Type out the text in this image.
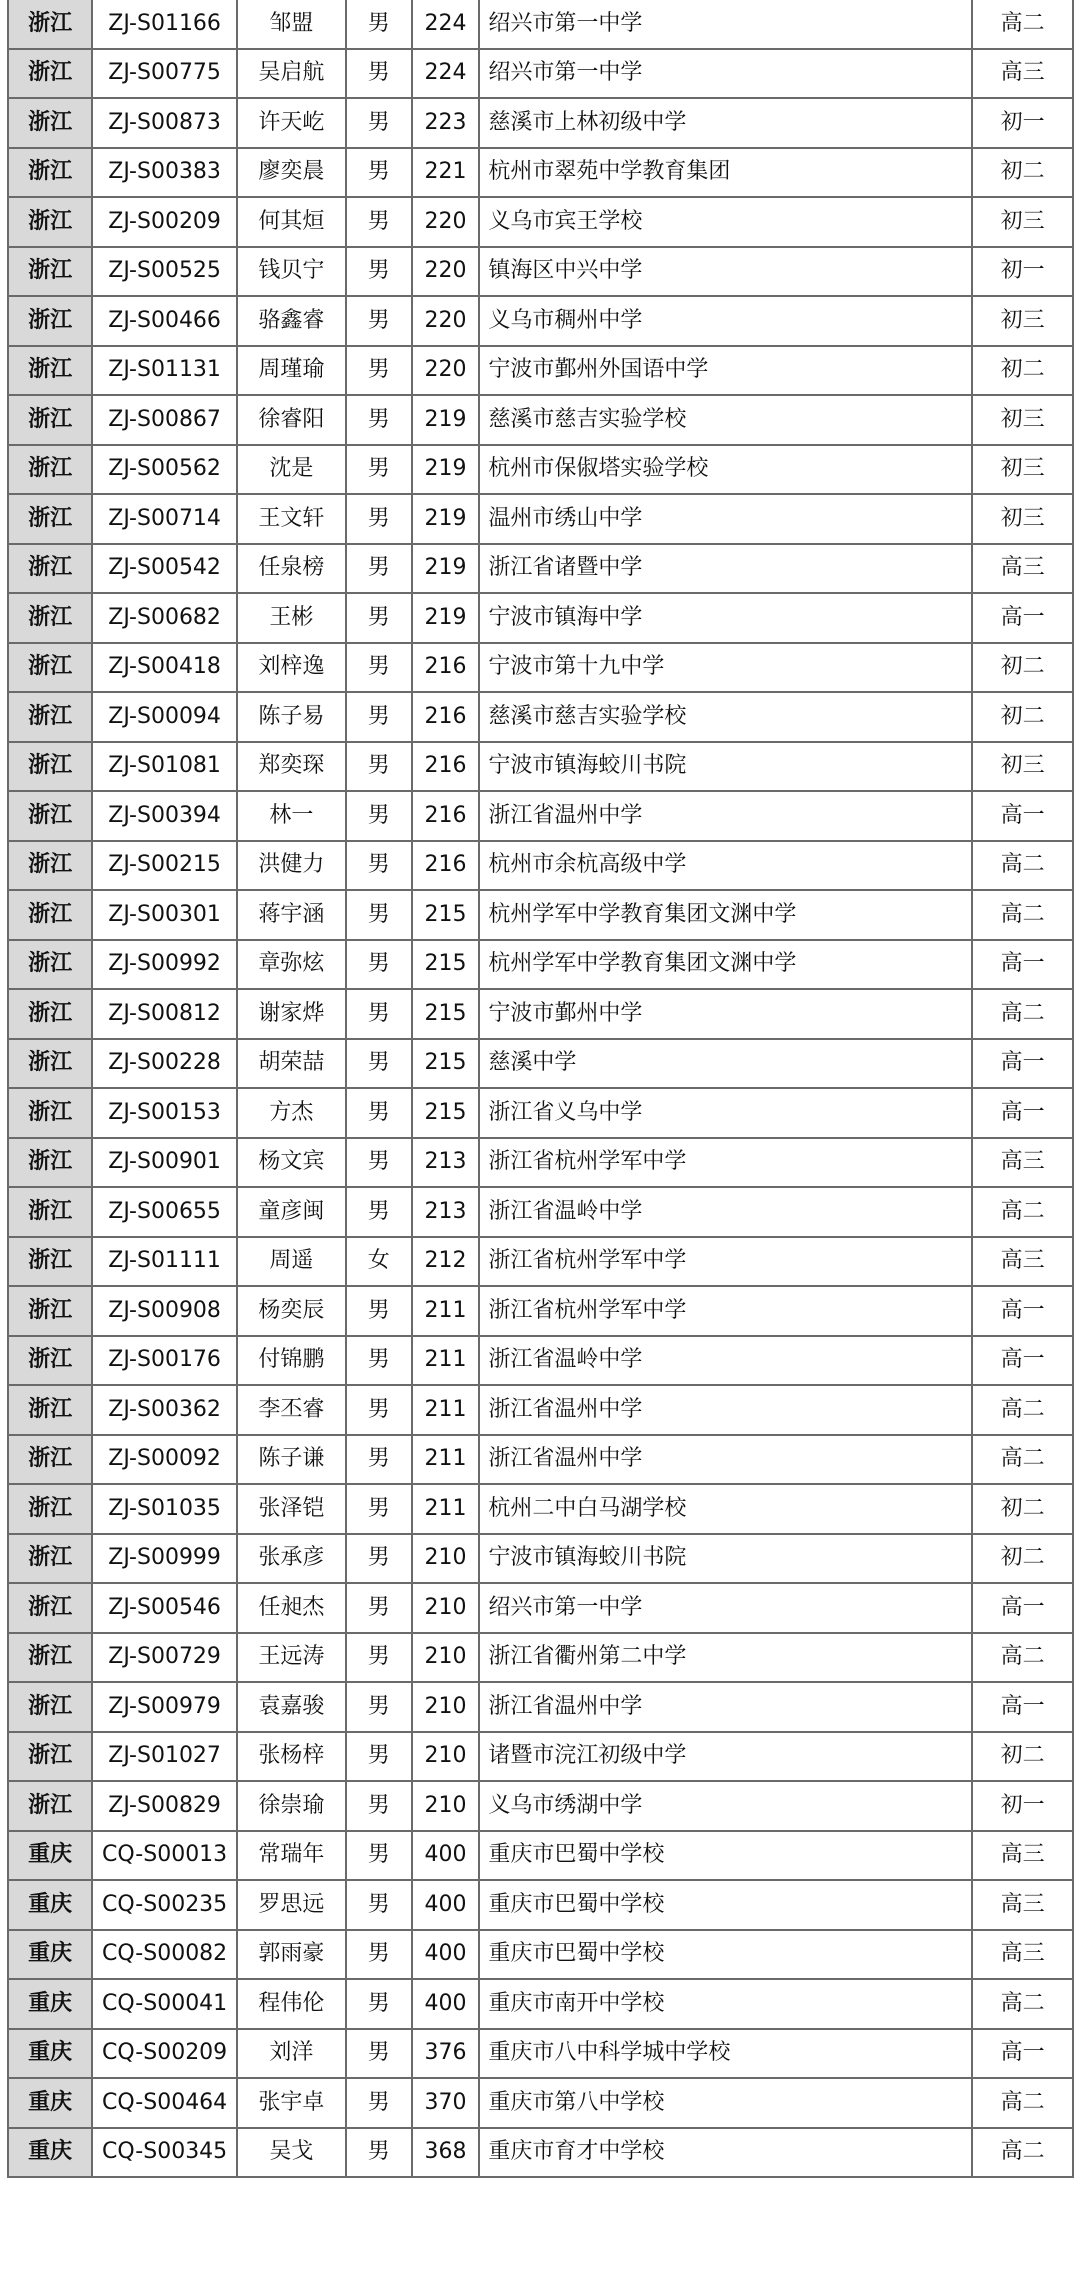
浙江	ZJ-S01166	邹盟	男	224	绍兴市第一中学	高二
浙江	ZJ-S00775	吴启航	男	224	绍兴市第一中学	高三
浙江	ZJ-S00873	许天屹	男	223	慈溪市上林初级中学	初一
浙江	ZJ-S00383	廖奕晨	男	221	杭州市翠苑中学教育集团	初二
浙江	ZJ-S00209	何其烜	男	220	义乌市宾王学校	初三
浙江	ZJ-S00525	钱贝宁	男	220	镇海区中兴中学	初一
浙江	ZJ-S00466	骆鑫睿	男	220	义乌市稠州中学	初三
浙江	ZJ-S01131	周瑾瑜	男	220	宁波市鄞州外国语中学	初二
浙江	ZJ-S00867	徐睿阳	男	219	慈溪市慈吉实验学校	初三
浙江	ZJ-S00562	沈是	男	219	杭州市保俶塔实验学校	初三
浙江	ZJ-S00714	王文轩	男	219	温州市绣山中学	初三
浙江	ZJ-S00542	任泉榜	男	219	浙江省诸暨中学	高三
浙江	ZJ-S00682	王彬	男	219	宁波市镇海中学	高一
浙江	ZJ-S00418	刘梓逸	男	216	宁波市第十九中学	初二
浙江	ZJ-S00094	陈子易	男	216	慈溪市慈吉实验学校	初二
浙江	ZJ-S01081	郑奕琛	男	216	宁波市镇海蛟川书院	初三
浙江	ZJ-S00394	林一	男	216	浙江省温州中学	高一
浙江	ZJ-S00215	洪健力	男	216	杭州市余杭高级中学	高二
浙江	ZJ-S00301	蒋宇涵	男	215	杭州学军中学教育集团文渊中学	高二
浙江	ZJ-S00992	章弥炫	男	215	杭州学军中学教育集团文渊中学	高一
浙江	ZJ-S00812	谢家烨	男	215	宁波市鄞州中学	高二
浙江	ZJ-S00228	胡荣喆	男	215	慈溪中学	高一
浙江	ZJ-S00153	方杰	男	215	浙江省义乌中学	高一
浙江	ZJ-S00901	杨文宾	男	213	浙江省杭州学军中学	高三
浙江	ZJ-S00655	童彦闽	男	213	浙江省温岭中学	高二
浙江	ZJ-S01111	周遥	女	212	浙江省杭州学军中学	高三
浙江	ZJ-S00908	杨奕辰	男	211	浙江省杭州学军中学	高一
浙江	ZJ-S00176	付锦鹏	男	211	浙江省温岭中学	高一
浙江	ZJ-S00362	李丕睿	男	211	浙江省温州中学	高二
浙江	ZJ-S00092	陈子谦	男	211	浙江省温州中学	高二
浙江	ZJ-S01035	张泽铠	男	211	杭州二中白马湖学校	初二
浙江	ZJ-S00999	张承彦	男	210	宁波市镇海蛟川书院	初二
浙江	ZJ-S00546	任昶杰	男	210	绍兴市第一中学	高一
浙江	ZJ-S00729	王远涛	男	210	浙江省衢州第二中学	高二
浙江	ZJ-S00979	袁嘉骏	男	210	浙江省温州中学	高一
浙江	ZJ-S01027	张杨梓	男	210	诸暨市浣江初级中学	初二
浙江	ZJ-S00829	徐崇瑜	男	210	义乌市绣湖中学	初一
重庆	CQ-S00013	常瑞年	男	400	重庆市巴蜀中学校	高三
重庆	CQ-S00235	罗思远	男	400	重庆市巴蜀中学校	高三
重庆	CQ-S00082	郭雨豪	男	400	重庆市巴蜀中学校	高三
重庆	CQ-S00041	程伟伦	男	400	重庆市南开中学校	高二
重庆	CQ-S00209	刘洋	男	376	重庆市八中科学城中学校	高一
重庆	CQ-S00464	张宇卓	男	370	重庆市第八中学校	高二
重庆	CQ-S00345	吴戈	男	368	重庆市育才中学校	高二
